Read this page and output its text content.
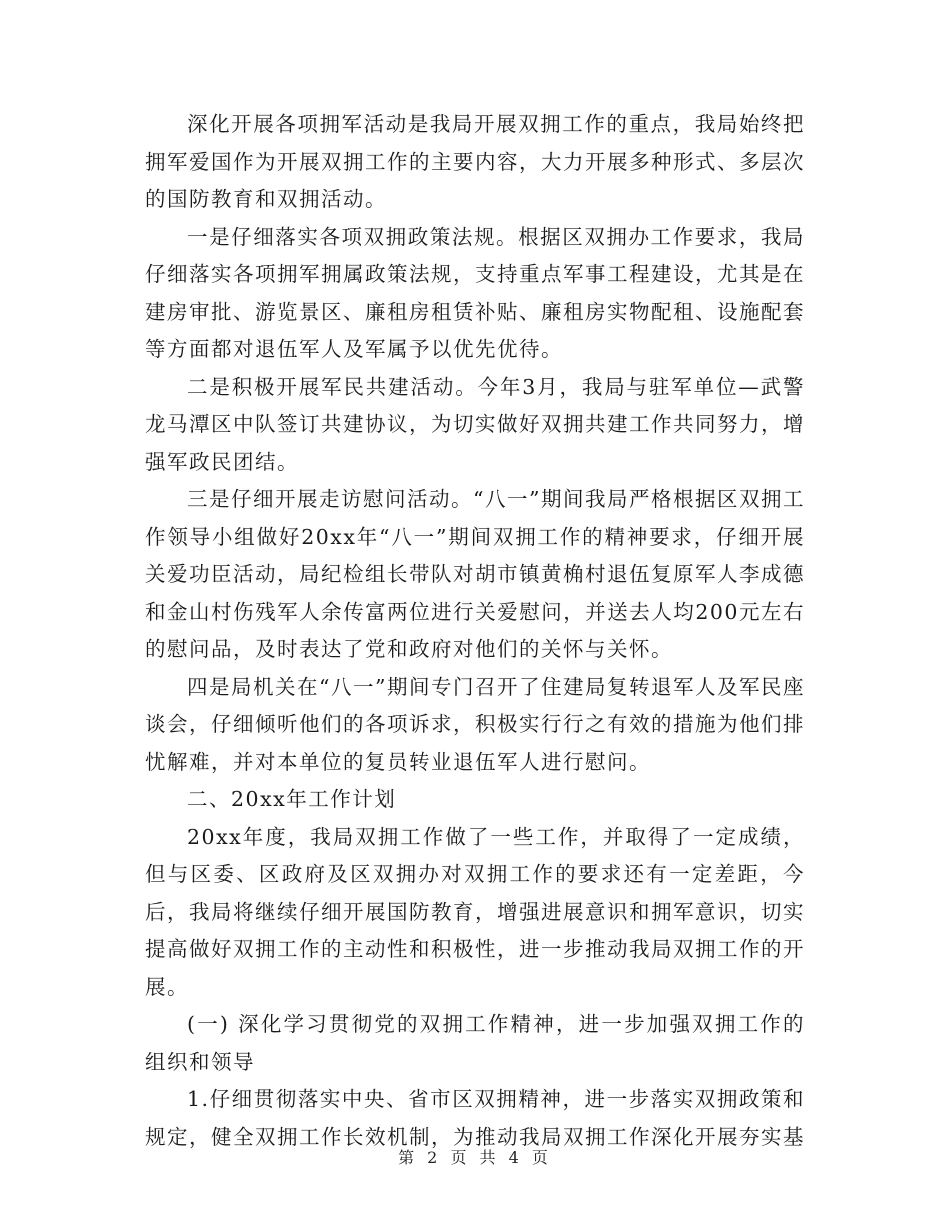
深化开展各项拥军活动是我局开展双拥工作的重点，我局始终把拥军爱国作为开展双拥工作的主要内容，大力开展多种形式、多层次的国防教育和双拥活动。

一是仔细落实各项双拥政策法规。根据区双拥办工作要求，我局仔细落实各项拥军拥属政策法规，支持重点军事工程建设，尤其是在建房审批、游览景区、廉租房租赁补贴、廉租房实物配租、设施配套等方面都对退伍军人及军属予以优先优待。

二是积极开展军民共建活动。今年3月，我局与驻军单位—武警龙马潭区中队签订共建协议，为切实做好双拥共建工作共同努力，增强军政民团结。

三是仔细开展走访慰问活动。“八一”期间我局严格根据区双拥工作领导小组做好20xx年“八一”期间双拥工作的精神要求，仔细开展关爱功臣活动，局纪检组长带队对胡市镇黄桷村退伍复原军人李成德和金山村伤残军人余传富两位进行关爱慰问，并送去人均200元左右的慰问品，及时表达了党和政府对他们的关怀与关怀。

四是局机关在“八一”期间专门召开了住建局复转退军人及军民座谈会，仔细倾听他们的各项诉求，积极实行行之有效的措施为他们排忧解难，并对本单位的复员转业退伍军人进行慰问。

二、20xx年工作计划

20xx年度，我局双拥工作做了一些工作，并取得了一定成绩，但与区委、区政府及区双拥办对双拥工作的要求还有一定差距，今后，我局将继续仔细开展国防教育，增强进展意识和拥军意识，切实提高做好双拥工作的主动性和积极性，进一步推动我局双拥工作的开展。

(一) 深化学习贯彻党的双拥工作精神，进一步加强双拥工作的组织和领导

1.仔细贯彻落实中央、省市区双拥精神，进一步落实双拥政策和规定，健全双拥工作长效机制，为推动我局双拥工作深化开展夯实基

第 2 页 共 4 页
